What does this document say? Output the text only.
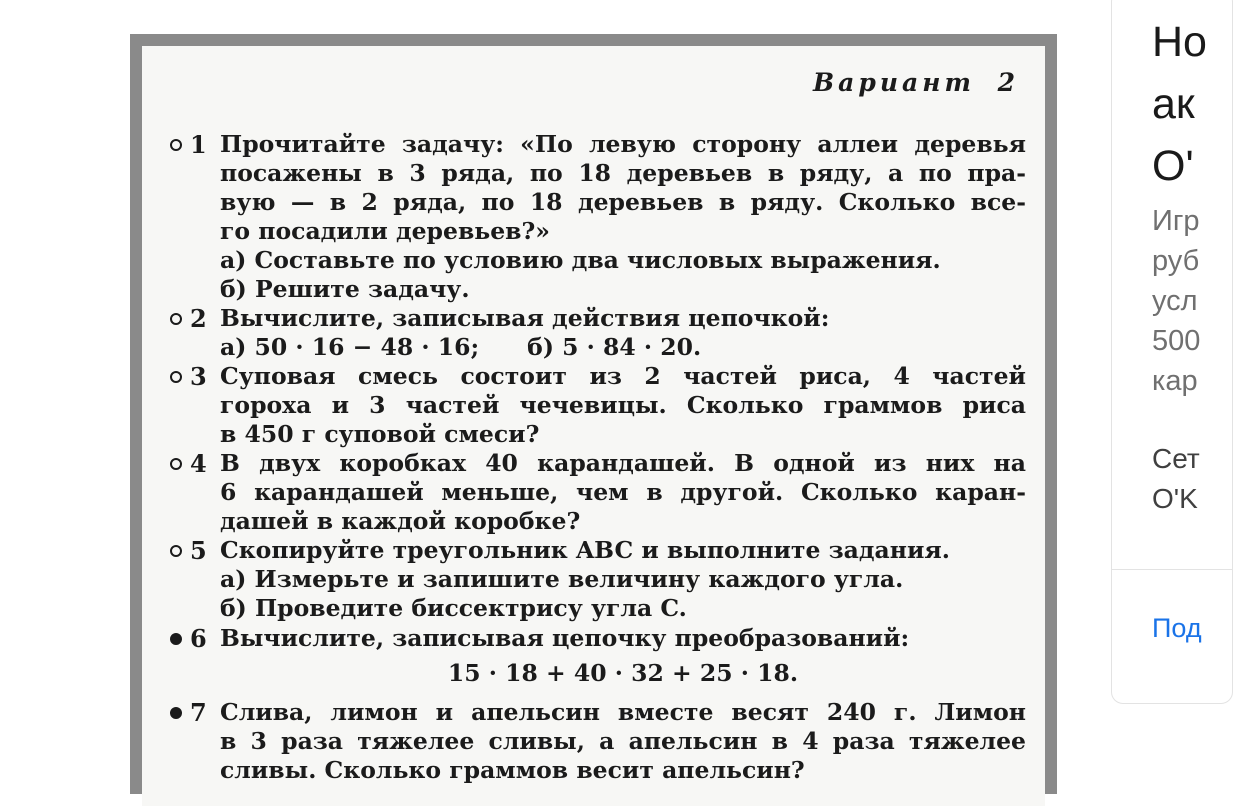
Вариант 2
1 Прочитайте задачу: «По левую сторону аллеи деревья
посажены в 3 ряда, по 18 деревьев в ряду, а по пра-
вую — в 2 ряда, по 18 деревьев в ряду. Сколько все-
го посадили деревьев?»
а) Составьте по условию два числовых выражения.
б) Решите задачу.
2 Вычислите, записывая действия цепочкой:
а) 50 · 16 − 48 · 16; б) 5 · 84 · 20.
3 Суповая смесь состоит из 2 частей риса, 4 частей
гороха и 3 частей чечевицы. Сколько граммов риса
в 450 г суповой смеси?
4 В двух коробках 40 карандашей. В одной из них на
6 карандашей меньше, чем в другой. Сколько каран-
дашей в каждой коробке?
5 Скопируйте треугольник ABC и выполните задания.
а) Измерьте и запишите величину каждого угла.
б) Проведите биссектрису угла C.
6 Вычислите, записывая цепочку преобразований:
15 · 18 + 40 · 32 + 25 · 18.
7 Слива, лимон и апельсин вместе весят 240 г. Лимон
в 3 раза тяжелее сливы, а апельсин в 4 раза тяжелее
сливы. Сколько граммов весит апельсин?
Но
ак
O'
Игр
руб
усл
500
кар
Сет
O'K
Под
